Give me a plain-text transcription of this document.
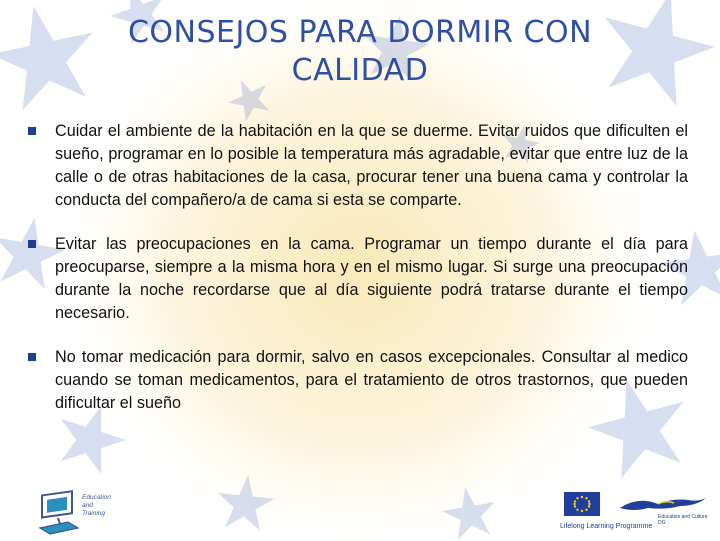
CONSEJOS PARA DORMIR CON CALIDAD
Cuidar el ambiente de la habitación en la que se duerme. Evitar ruidos que dificulten el sueño, programar en lo posible la temperatura más agradable, evitar que entre luz de la calle o de otras habitaciones de la casa, procurar tener una buena cama y controlar la conducta del compañero/a de cama si esta se comparte.
Evitar las preocupaciones en la cama. Programar un tiempo durante el día para preocuparse, siempre a la misma hora y en el mismo lugar. Si surge una preocupación durante la noche recordarse que al día siguiente podrá tratarse durante el tiempo necesario.
No tomar medicación para dormir, salvo en casos excepcionales. Consultar al medico cuando se toman medicamentos, para el tratamiento de otros trastornos, que pueden dificultar el sueño
Education
and
Training	Education and Culture DG
Lifelong Learning Programme
